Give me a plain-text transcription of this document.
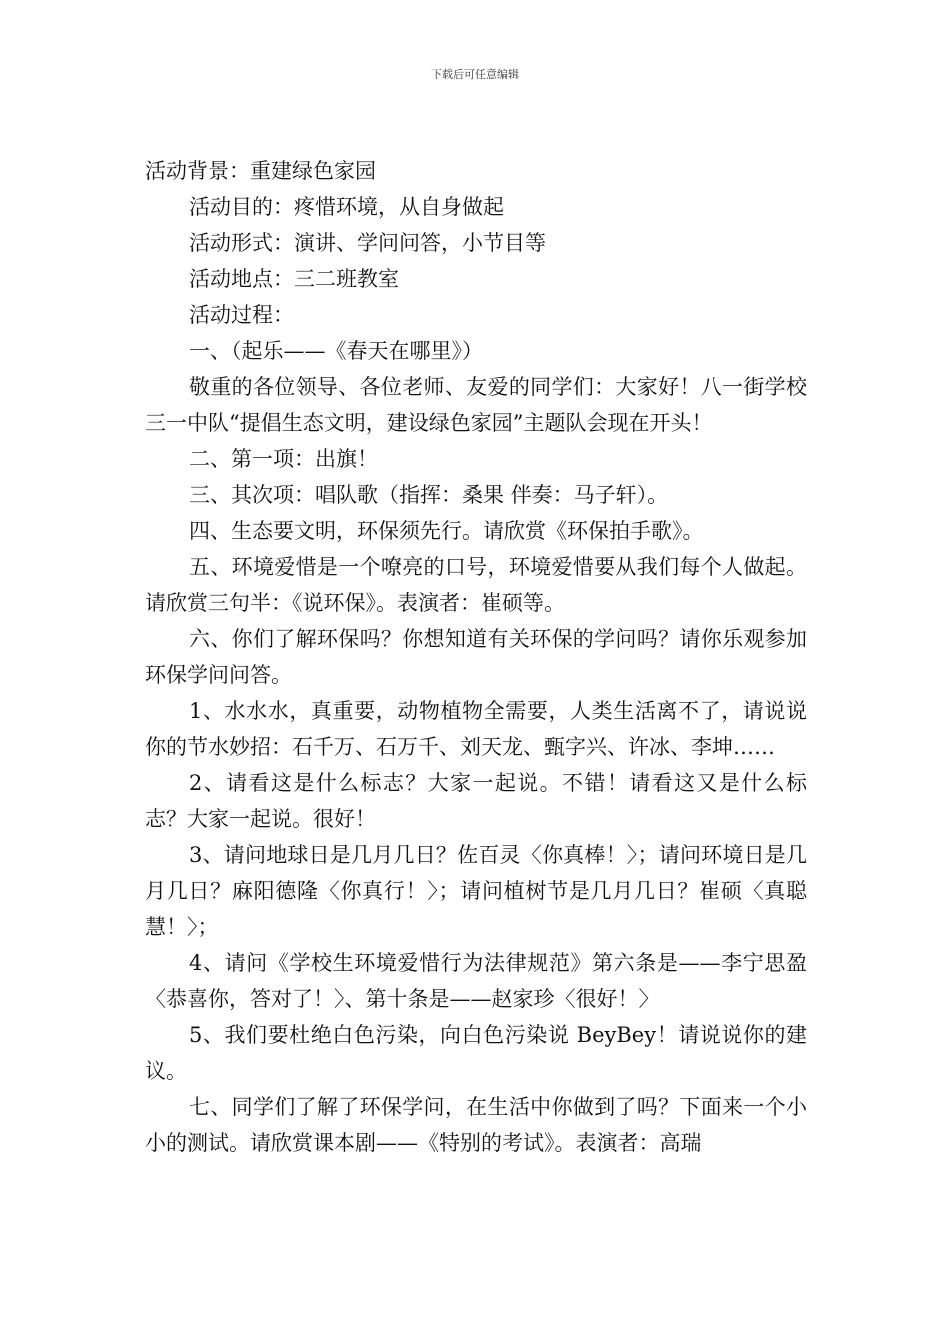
下载后可任意编辑

活动背景：重建绿色家园

活动目的：疼惜环境，从自身做起

活动形式：演讲、学问问答，小节目等

活动地点：三二班教室

活动过程：

一、（起乐——《春天在哪里》）

敬重的各位领导、各位老师、友爱的同学们：大家好！八一街学校三一中队“提倡生态文明，建设绿色家园”主题队会现在开头！

二、第一项：出旗！

三、其次项：唱队歌（指挥：桑果 伴奏：马子轩）。

四、生态要文明，环保须先行。请欣赏《环保拍手歌》。

五、环境爱惜是一个嘹亮的口号，环境爱惜要从我们每个人做起。请欣赏三句半：《说环保》。表演者：崔硕等。

六、你们了解环保吗？你想知道有关环保的学问吗？请你乐观参加环保学问问答。

1、水水水，真重要，动物植物全需要，人类生活离不了，请说说你的节水妙招：石千万、石万千、刘天龙、甄字兴、许冰、李坤……

2、请看这是什么标志？大家一起说。不错！请看这又是什么标志？大家一起说。很好！

3、请问地球日是几月几日？佐百灵〈你真棒！〉；请问环境日是几月几日？麻阳德隆〈你真行！〉；请问植树节是几月几日？崔硕〈真聪慧！〉；

4、请问《学校生环境爱惜行为法律规范》第六条是——李宁思盈〈恭喜你，答对了！〉、第十条是——赵家珍〈很好！〉

5、我们要杜绝白色污染，向白色污染说 BeyBey！请说说你的建议。

七、同学们了解了环保学问，在生活中你做到了吗？下面来一个小小的测试。请欣赏课本剧——《特别的考试》。表演者：高瑞
